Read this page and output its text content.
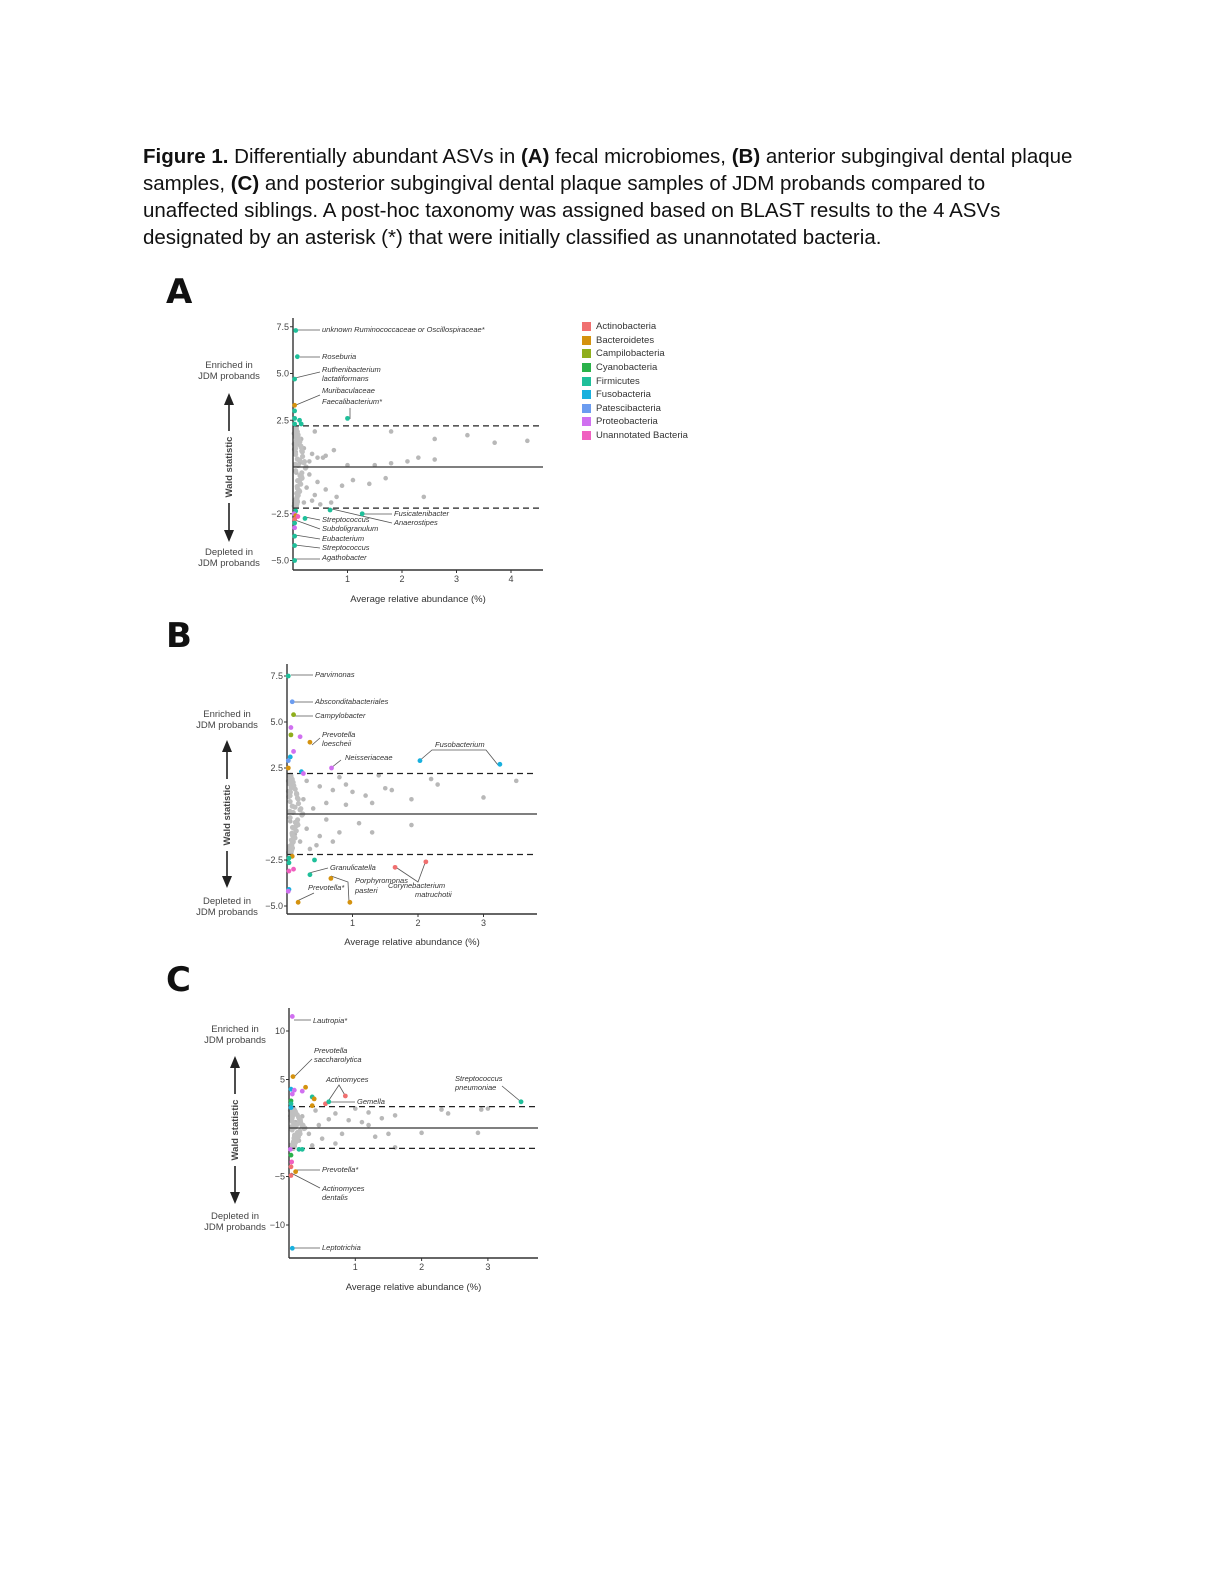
Figure 1. Differentially abundant ASVs in (A) fecal microbiomes, (B) anterior subgingival dental plaque samples, (C) and posterior subgingival dental plaque samples of JDM probands compared to unaffected siblings. A post-hoc taxonomy was assigned based on BLAST results to the 4 ASVs designated by an asterisk (*) that were initially classified as unannotated bacteria.
A
B
C
7.5
5.0
2.5
−2.5
−5.0
1	2	3	4
Average relative abundance (%)
Enriched in
JDM probands
Depleted in
JDM probands
Wald statistic
unknown Ruminococcaceae or Oscillospiraceae*
Roseburia
Ruthenibacterium
lactatiformans
Muribaculaceae
Faecalibacterium*
Fusicatenibacter
Anaerostipes
Streptococcus
Subdoligranulum
Eubacterium
Streptococcus
Agathobacter
7.5
5.0
2.5
−2.5
−5.0
1	2	3
Average relative abundance (%)
Enriched in
JDM probands
Depleted in
JDM probands
Wald statistic
Parvimonas
Absconditabacteriales
Campylobacter
Prevotella
loescheii
Neisseriaceae
Fusobacterium
Granulicatella
Prevotella*
Porphyromonas
pasteri
Corynebacterium
matruchotii
10
5
−5
−10
1	2	3
Average relative abundance (%)
Enriched in
JDM probands
Depleted in
JDM probands
Wald statistic
Lautropia*
Prevotella
saccharolytica
Actinomyces
Gemella
Streptococcus
pneumoniae
Prevotella*
Actinomyces
dentalis
Leptotrichia
Actinobacteria
Bacteroidetes
Campilobacteria
Cyanobacteria
Firmicutes
Fusobacteria
Patescibacteria
Proteobacteria
Unannotated Bacteria
